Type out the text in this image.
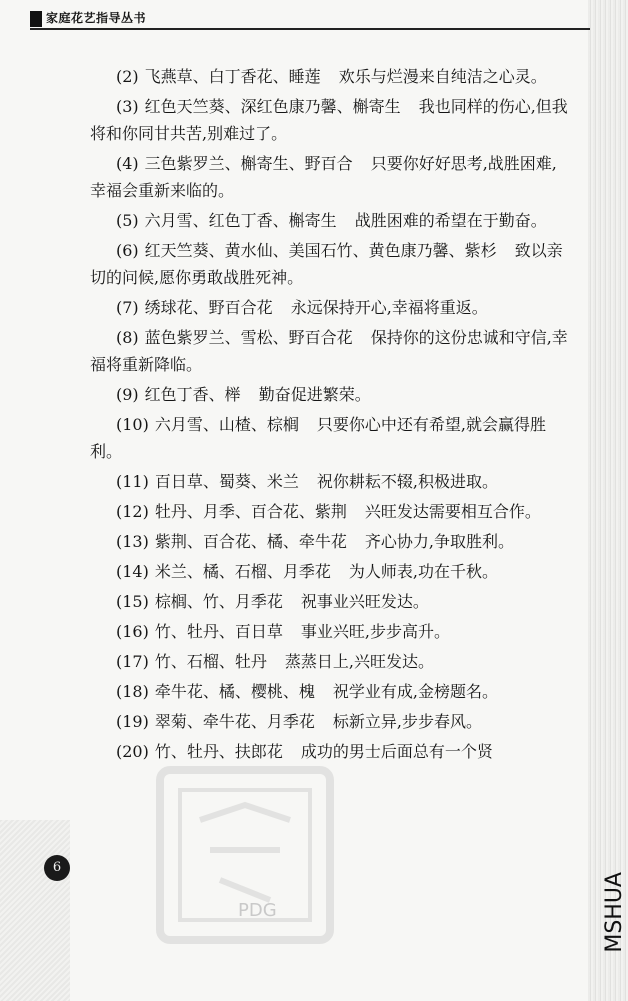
家庭花艺指导丛书

(2) 飞燕草、白丁香花、睡莲 欢乐与烂漫来自纯洁之心灵。

(3) 红色天竺葵、深红色康乃馨、槲寄生 我也同样的伤心,但我将和你同甘共苦,别难过了。

(4) 三色紫罗兰、槲寄生、野百合 只要你好好思考,战胜困难,幸福会重新来临的。

(5) 六月雪、红色丁香、槲寄生 战胜困难的希望在于勤奋。

(6) 红天竺葵、黄水仙、美国石竹、黄色康乃馨、紫杉 致以亲切的问候,愿你勇敢战胜死神。

(7) 绣球花、野百合花 永远保持开心,幸福将重返。

(8) 蓝色紫罗兰、雪松、野百合花 保持你的这份忠诚和守信,幸福将重新降临。

(9) 红色丁香、榉 勤奋促进繁荣。

(10) 六月雪、山楂、棕榈 只要你心中还有希望,就会赢得胜利。

(11) 百日草、蜀葵、米兰 祝你耕耘不辍,积极进取。

(12) 牡丹、月季、百合花、紫荆 兴旺发达需要相互合作。

(13) 紫荆、百合花、橘、牵牛花 齐心协力,争取胜利。

(14) 米兰、橘、石榴、月季花 为人师表,功在千秋。

(15) 棕榈、竹、月季花 祝事业兴旺发达。

(16) 竹、牡丹、百日草 事业兴旺,步步高升。

(17) 竹、石榴、牡丹 蒸蒸日上,兴旺发达。

(18) 牵牛花、橘、樱桃、槐 祝学业有成,金榜题名。

(19) 翠菊、牵牛花、月季花 标新立异,步步春风。

(20) 竹、牡丹、扶郎花 成功的男士后面总有一个贤

6
PDG	MSHUA
